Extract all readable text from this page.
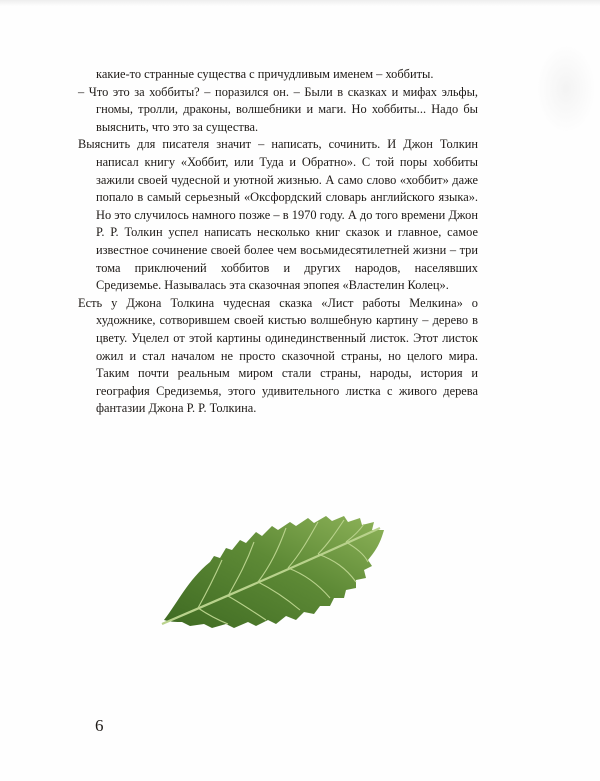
какие-то странные существа с причудливым именем – хоббиты.

– Что это за хоббиты? – поразился он. – Были в сказках и мифах эльфы, гномы, тролли, драконы, волшебники и маги. Но хоббиты... Надо бы выяснить, что это за существа.

Выяснить для писателя значит – написать, сочинить. И Джон Толкин написал книгу «Хоббит, или Туда и Обратно». С той поры хоббиты зажили своей чудесной и уютной жизнью. А само слово «хоббит» даже попало в самый серьезный «Оксфордский словарь английского языка». Но это случилось намного позже – в 1970 году. А до того времени Джон Р. Р. Толкин успел написать несколько книг сказок и главное, самое известное сочинение своей более чем восьмидесятилетней жизни – три тома приключений хоббитов и других народов, населявших Средиземье. Называлась эта сказочная эпопея «Властелин Колец».

Есть у Джона Толкина чудесная сказка «Лист работы Мелкина» о художнике, сотворившем своей кистью волшебную картину – дерево в цвету. Уцелел от этой картины одинединственный листок. Этот листок ожил и стал началом не просто сказочной страны, но целого мира. Таким почти реальным миром стали страны, народы, история и география Средиземья, этого удивительного листка с живого дерева фантазии Джона Р. Р. Толкина.

6
